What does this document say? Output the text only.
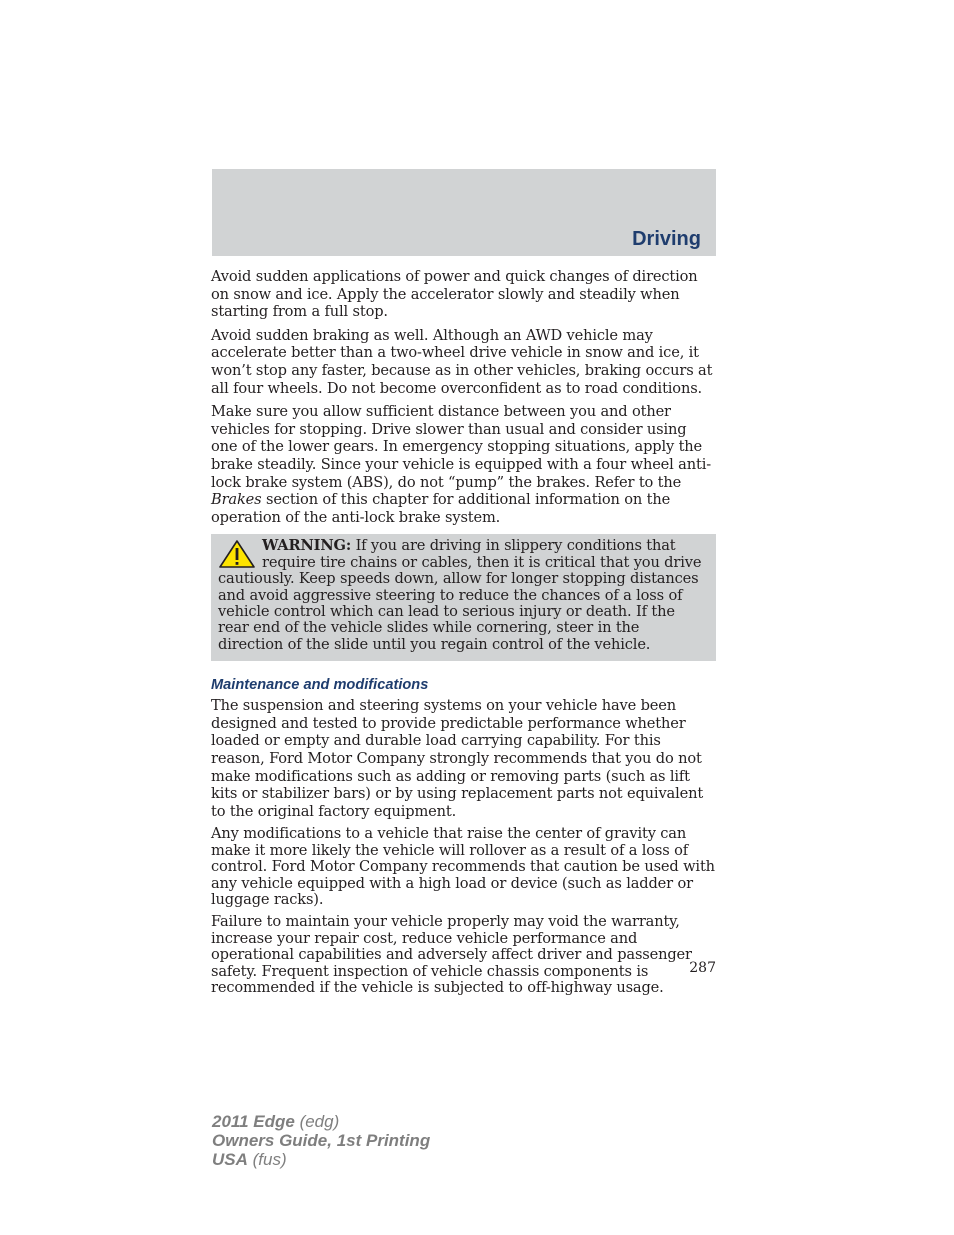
Driving

Avoid sudden applications of power and quick changes of direction on snow and ice. Apply the accelerator slowly and steadily when starting from a full stop.

Avoid sudden braking as well. Although an AWD vehicle may accelerate better than a two-wheel drive vehicle in snow and ice, it won’t stop any faster, because as in other vehicles, braking occurs at all four wheels. Do not become overconfident as to road conditions.

Make sure you allow sufficient distance between you and other vehicles for stopping. Drive slower than usual and consider using one of the lower gears. In emergency stopping situations, apply the brake steadily. Since your vehicle is equipped with a four wheel anti-lock brake system (ABS), do not “pump” the brakes. Refer to the Brakes section of this chapter for additional information on the operation of the anti-lock brake system.

WARNING: If you are driving in slippery conditions that require tire chains or cables, then it is critical that you drive cautiously. Keep speeds down, allow for longer stopping distances and avoid aggressive steering to reduce the chances of a loss of vehicle control which can lead to serious injury or death. If the rear end of the vehicle slides while cornering, steer in the direction of the slide until you regain control of the vehicle.
Maintenance and modifications

The suspension and steering systems on your vehicle have been designed and tested to provide predictable performance whether loaded or empty and durable load carrying capability. For this reason, Ford Motor Company strongly recommends that you do not make modifications such as adding or removing parts (such as lift kits or stabilizer bars) or by using replacement parts not equivalent to the original factory equipment.

Any modifications to a vehicle that raise the center of gravity can make it more likely the vehicle will rollover as a result of a loss of control. Ford Motor Company recommends that caution be used with any vehicle equipped with a high load or device (such as ladder or luggage racks).

Failure to maintain your vehicle properly may void the warranty, increase your repair cost, reduce vehicle performance and operational capabilities and adversely affect driver and passenger safety. Frequent inspection of vehicle chassis components is recommended if the vehicle is subjected to off-highway usage.

287
2011 Edge (edg)
Owners Guide, 1st Printing
USA (fus)
